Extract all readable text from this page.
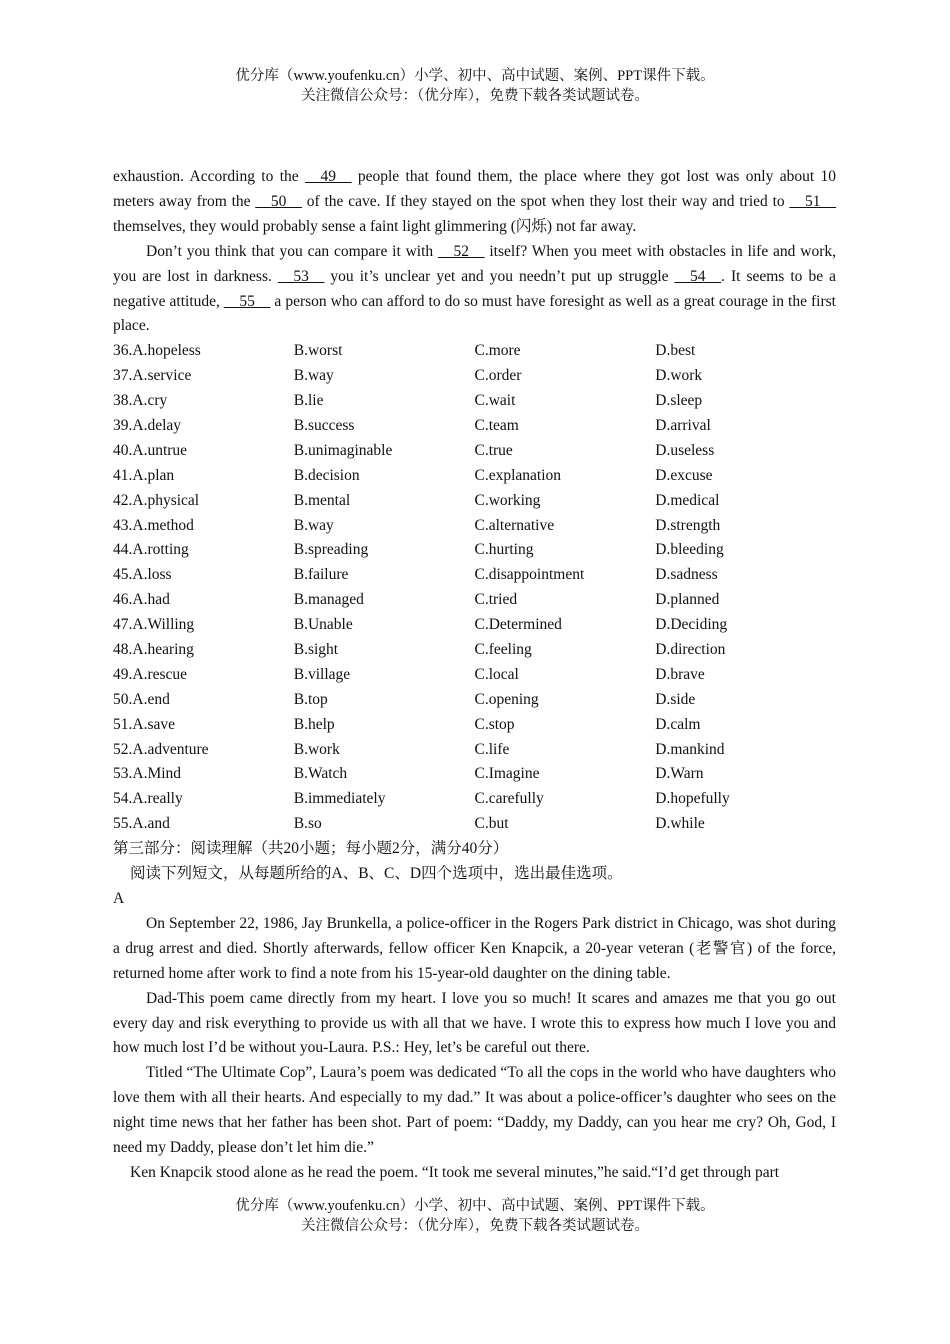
优分库（www.youfenku.cn）小学、初中、高中试题、案例、PPT课件下载。
关注微信公众号：（优分库），免费下载各类试题试卷。

exhaustion. According to the __49__ people that found them, the place where they got lost was only about 10 meters away from the __50__ of the cave. If they stayed on the spot when they lost their way and tried to __51__ themselves, they would probably sense a faint light glimmering (闪烁) not far away.

Don’t you think that you can compare it with __52__ itself? When you meet with obstacles in life and work, you are lost in darkness. __53__ you it’s unclear yet and you needn’t put up struggle __54__. It seems to be a negative attitude, __55__ a person who can afford to do so must have foresight as well as a great courage in the first place.

36.A.hopeless	B.worst	C.more	D.best
37.A.service	B.way	C.order	D.work
38.A.cry	B.lie	C.wait	D.sleep
39.A.delay	B.success	C.team	D.arrival
40.A.untrue	B.unimaginable	C.true	D.useless
41.A.plan	B.decision	C.explanation	D.excuse
42.A.physical	B.mental	C.working	D.medical
43.A.method	B.way	C.alternative	D.strength
44.A.rotting	B.spreading	C.hurting	D.bleeding
45.A.loss	B.failure	C.disappointment	D.sadness
46.A.had	B.managed	C.tried	D.planned
47.A.Willing	B.Unable	C.Determined	D.Deciding
48.A.hearing	B.sight	C.feeling	D.direction
49.A.rescue	B.village	C.local	D.brave
50.A.end	B.top	C.opening	D.side
51.A.save	B.help	C.stop	D.calm
52.A.adventure	B.work	C.life	D.mankind
53.A.Mind	B.Watch	C.Imagine	D.Warn
54.A.really	B.immediately	C.carefully	D.hopefully
55.A.and	B.so	C.but	D.while

第三部分：阅读理解（共20小题；每小题2分，满分40分）

阅读下列短文，从每题所给的A、B、C、D四个选项中，选出最佳选项。

A

On September 22, 1986, Jay Brunkella, a police-officer in the Rogers Park district in Chicago, was shot during a drug arrest and died. Shortly afterwards, fellow officer Ken Knapcik, a 20-year veteran (老警官) of the force, returned home after work to find a note from his 15-year-old daughter on the dining table.

Dad-This poem came directly from my heart. I love you so much! It scares and amazes me that you go out every day and risk everything to provide us with all that we have. I wrote this to express how much I love you and how much lost I’d be without you-Laura. P.S.: Hey, let’s be careful out there.

Titled “The Ultimate Cop”, Laura’s poem was dedicated “To all the cops in the world who have daughters who love them with all their hearts. And especially to my dad.” It was about a police-officer’s daughter who sees on the night time news that her father has been shot. Part of poem: “Daddy, my Daddy, can you hear me cry? Oh, God, I need my Daddy, please don’t let him die.”

Ken Knapcik stood alone as he read the poem. “It took me several minutes,”he said.“I’d get through part

优分库（www.youfenku.cn）小学、初中、高中试题、案例、PPT课件下载。
关注微信公众号：（优分库），免费下载各类试题试卷。
